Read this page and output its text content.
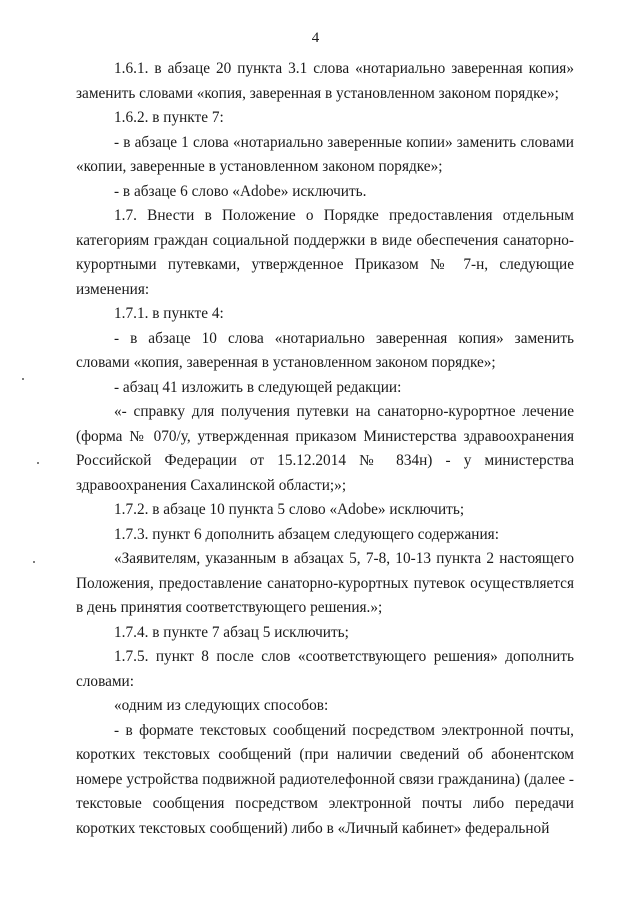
4

1.6.1. в абзаце 20 пункта 3.1 слова «нотариально заверенная копия» заменить словами «копия, заверенная в установленном законом порядке»;

1.6.2. в пункте 7:

- в абзаце 1 слова «нотариально заверенные копии» заменить словами «копии, заверенные в установленном законом порядке»;

- в абзаце 6 слово «Adobe» исключить.

1.7. Внести в Положение о Порядке предоставления отдельным категориям граждан социальной поддержки в виде обеспечения санаторно-курортными путевками, утвержденное Приказом № 7-н, следующие изменения:

1.7.1. в пункте 4:

- в абзаце 10 слова «нотариально заверенная копия» заменить словами «копия, заверенная в установленном законом порядке»;

- абзац 41 изложить в следующей редакции:

«- справку для получения путевки на санаторно-курортное лечение (форма № 070/у, утвержденная приказом Министерства здравоохранения Российской Федерации от 15.12.2014 № 834н) - у министерства здравоохранения Сахалинской области;»;

1.7.2. в абзаце 10 пункта 5 слово «Adobe» исключить;

1.7.3. пункт 6 дополнить абзацем следующего содержания:

«Заявителям, указанным в абзацах 5, 7-8, 10-13 пункта 2 настоящего Положения, предоставление санаторно-курортных путевок осуществляется в день принятия соответствующего решения.»;

1.7.4. в пункте 7 абзац 5 исключить;

1.7.5. пункт 8 после слов «соответствующего решения» дополнить словами:

«одним из следующих способов:

- в формате текстовых сообщений посредством электронной почты, коротких текстовых сообщений (при наличии сведений об абонентском номере устройства подвижной радиотелефонной связи гражданина) (далее - текстовые сообщения посредством электронной почты либо передачи коротких текстовых сообщений) либо в «Личный кабинет» федеральной
